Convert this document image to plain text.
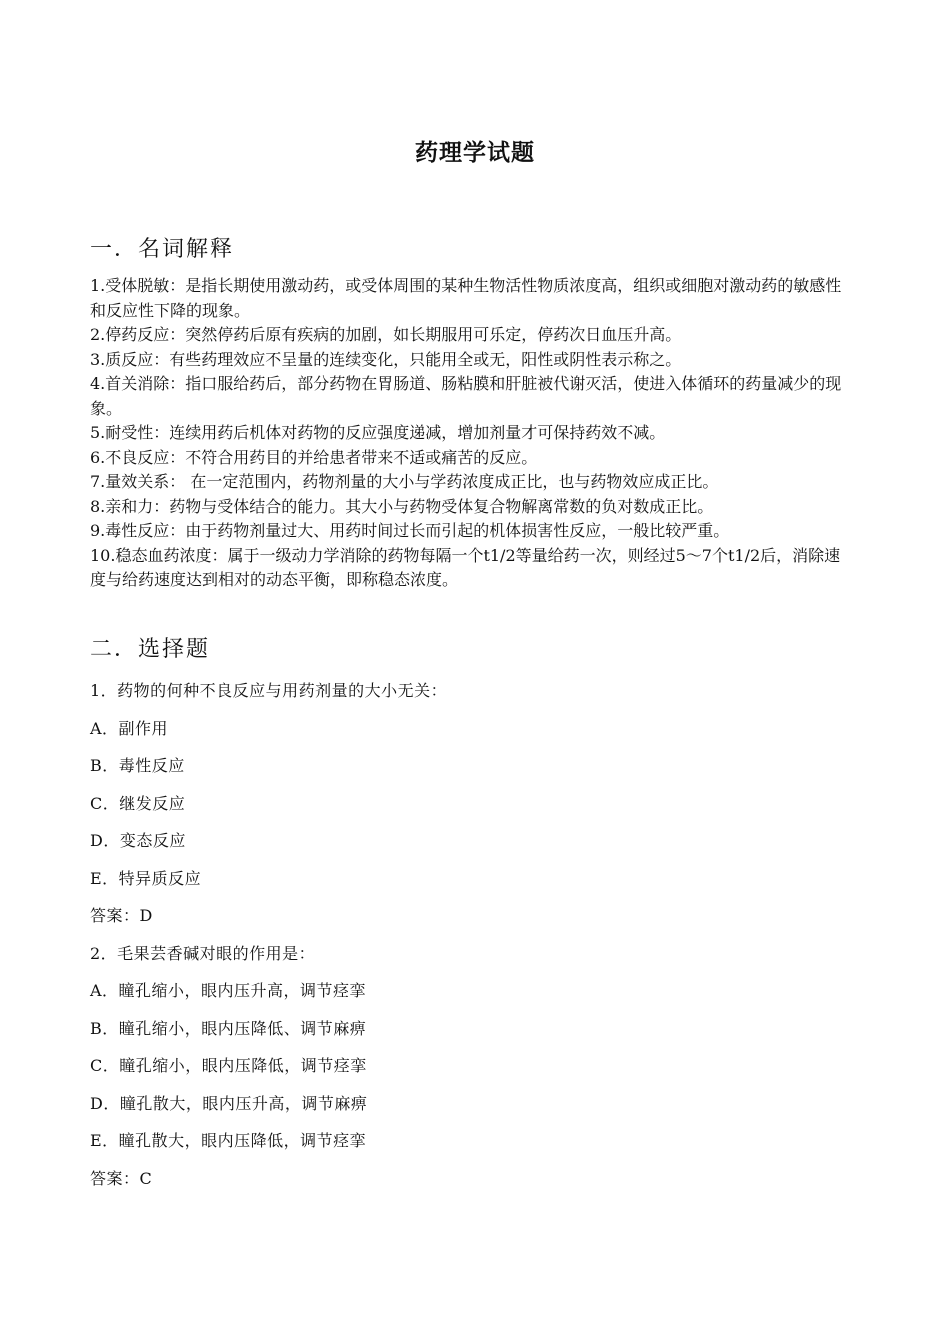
药理学试题
一．名词解释

1.受体脱敏：是指长期使用激动药，或受体周围的某种生物活性物质浓度高，组织或细胞对激动药的敏感性和反应性下降的现象。

2.停药反应：突然停药后原有疾病的加剧，如长期服用可乐定，停药次日血压升高。

3.质反应：有些药理效应不呈量的连续变化，只能用全或无，阳性或阴性表示称之。

4.首关消除：指口服给药后，部分药物在胃肠道、肠粘膜和肝脏被代谢灭活，使进入体循环的药量减少的现象。

5.耐受性：连续用药后机体对药物的反应强度递减，增加剂量才可保持药效不减。

6.不良反应：不符合用药目的并给患者带来不适或痛苦的反应。

7.量效关系： 在一定范围内，药物剂量的大小与学药浓度成正比，也与药物效应成正比。

8.亲和力：药物与受体结合的能力。其大小与药物受体复合物解离常数的负对数成正比。

9.毒性反应：由于药物剂量过大、用药时间过长而引起的机体损害性反应，一般比较严重。

10.稳态血药浓度：属于一级动力学消除的药物每隔一个t1/2等量给药一次，则经过5～7个t1/2后，消除速度与给药速度达到相对的动态平衡，即称稳态浓度。

二．选择题

1．药物的何种不良反应与用药剂量的大小无关：

A．副作用

B．毒性反应

C．继发反应

D．变态反应

E．特异质反应

答案：D

2．毛果芸香碱对眼的作用是：

A．瞳孔缩小，眼内压升高，调节痉挛

B．瞳孔缩小，眼内压降低、调节麻痹

C．瞳孔缩小，眼内压降低，调节痉挛

D．瞳孔散大，眼内压升高，调节麻痹

E．瞳孔散大，眼内压降低，调节痉挛

答案：C
